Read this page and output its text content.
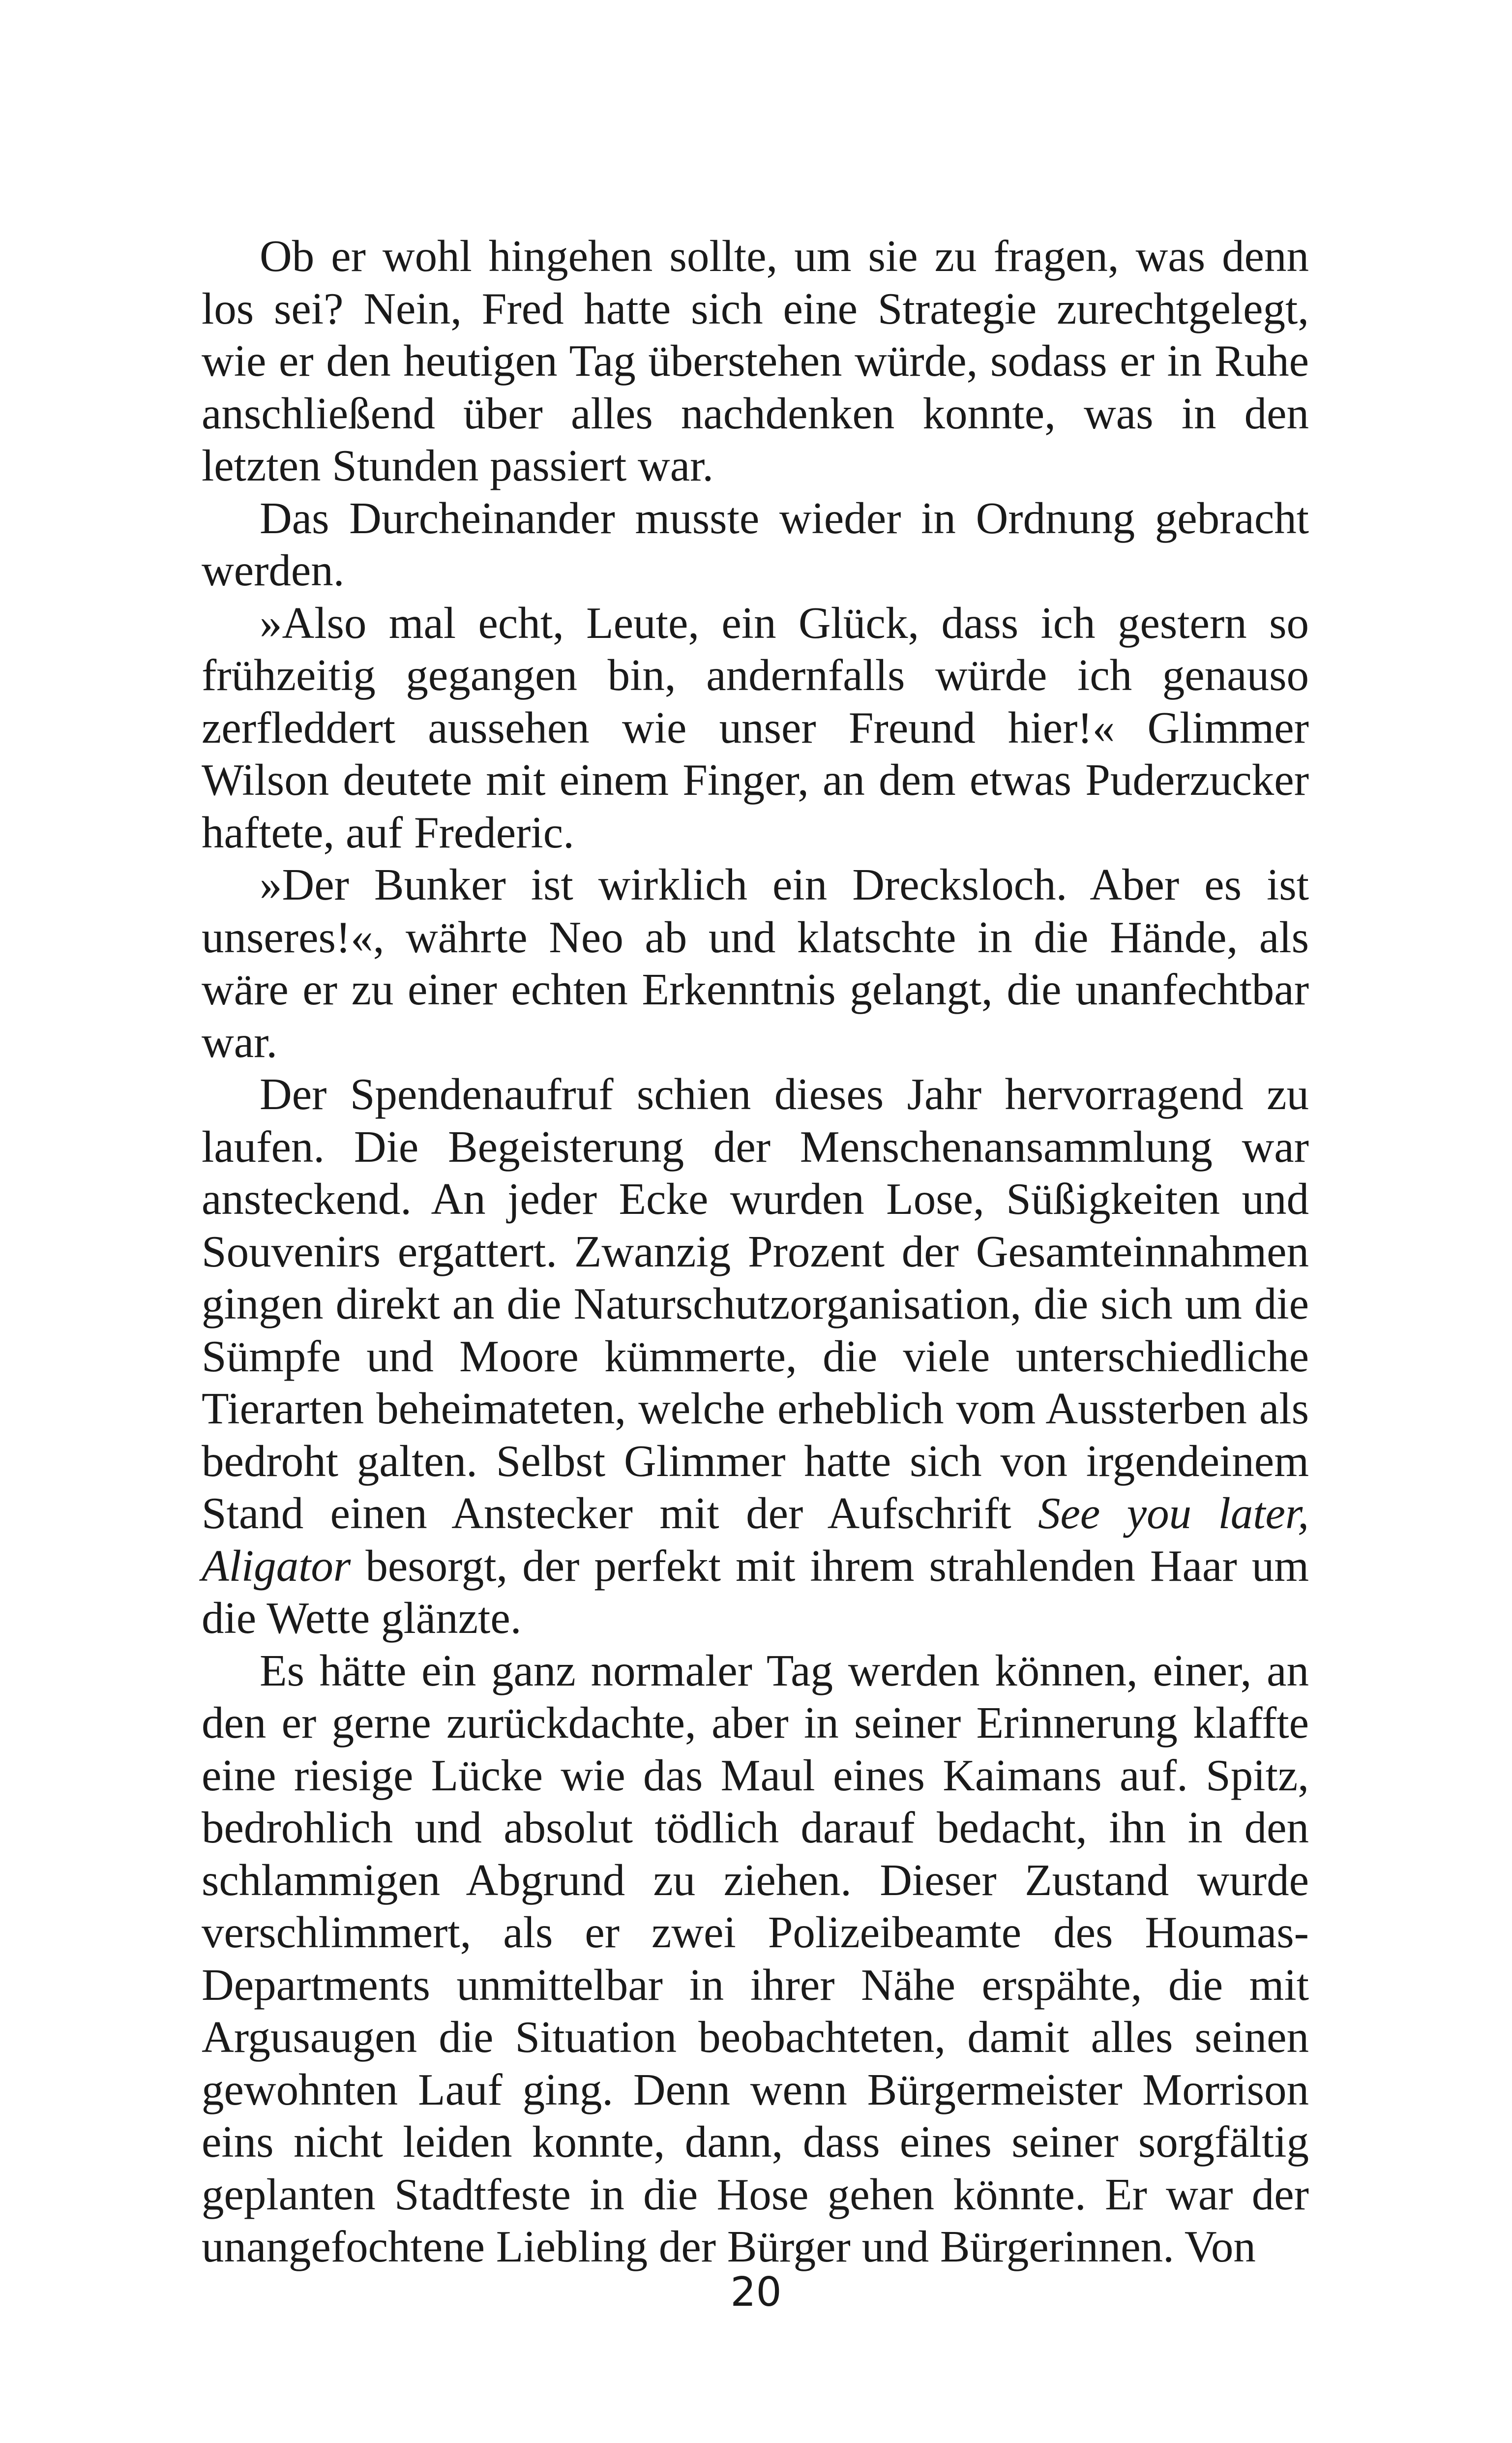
Ob er wohl hingehen sollte, um sie zu fragen, was denn los sei? Nein, Fred hatte sich eine Strategie zurechtgelegt, wie er den heutigen Tag überstehen würde, sodass er in Ruhe anschließend über alles nachdenken konnte, was in den letzten Stunden passiert war.

Das Durcheinander musste wieder in Ordnung gebracht werden.

»Also mal echt, Leute, ein Glück, dass ich gestern so frühzeitig gegangen bin, andernfalls würde ich genauso zerfleddert aussehen wie unser Freund hier!« Glimmer Wilson deutete mit einem Finger, an dem etwas Puderzucker haftete, auf Frederic.

»Der Bunker ist wirklich ein Drecksloch. Aber es ist unseres!«, währte Neo ab und klatschte in die Hände, als wäre er zu einer echten Erkenntnis gelangt, die unanfechtbar war.

Der Spendenaufruf schien dieses Jahr hervorragend zu laufen. Die Begeisterung der Menschenansammlung war ansteckend. An jeder Ecke wurden Lose, Süßigkeiten und Souvenirs ergattert. Zwanzig Prozent der Gesamteinnahmen gingen direkt an die Naturschutzorganisation, die sich um die Sümpfe und Moore kümmerte, die viele unterschiedliche Tierarten beheimateten, welche erheblich vom Aussterben als bedroht galten. Selbst Glimmer hatte sich von irgendeinem Stand einen Anstecker mit der Aufschrift See you later, Aligator besorgt, der perfekt mit ihrem strahlenden Haar um die Wette glänzte.

Es hätte ein ganz normaler Tag werden können, einer, an den er gerne zurückdachte, aber in seiner Erinnerung klaffte eine riesige Lücke wie das Maul eines Kaimans auf. Spitz, bedrohlich und absolut tödlich darauf bedacht, ihn in den schlammigen Abgrund zu ziehen. Dieser Zustand wurde verschlimmert, als er zwei Polizeibeamte des Houmas-Departments unmittelbar in ihrer Nähe erspähte, die mit Argusaugen die Situation beobachteten, damit alles seinen gewohnten Lauf ging. Denn wenn Bürgermeister Morrison eins nicht leiden konnte, dann, dass eines seiner sorgfältig geplanten Stadtfeste in die Hose gehen könnte. Er war der unangefochtene Liebling der Bürger und Bürgerinnen. Von

20
